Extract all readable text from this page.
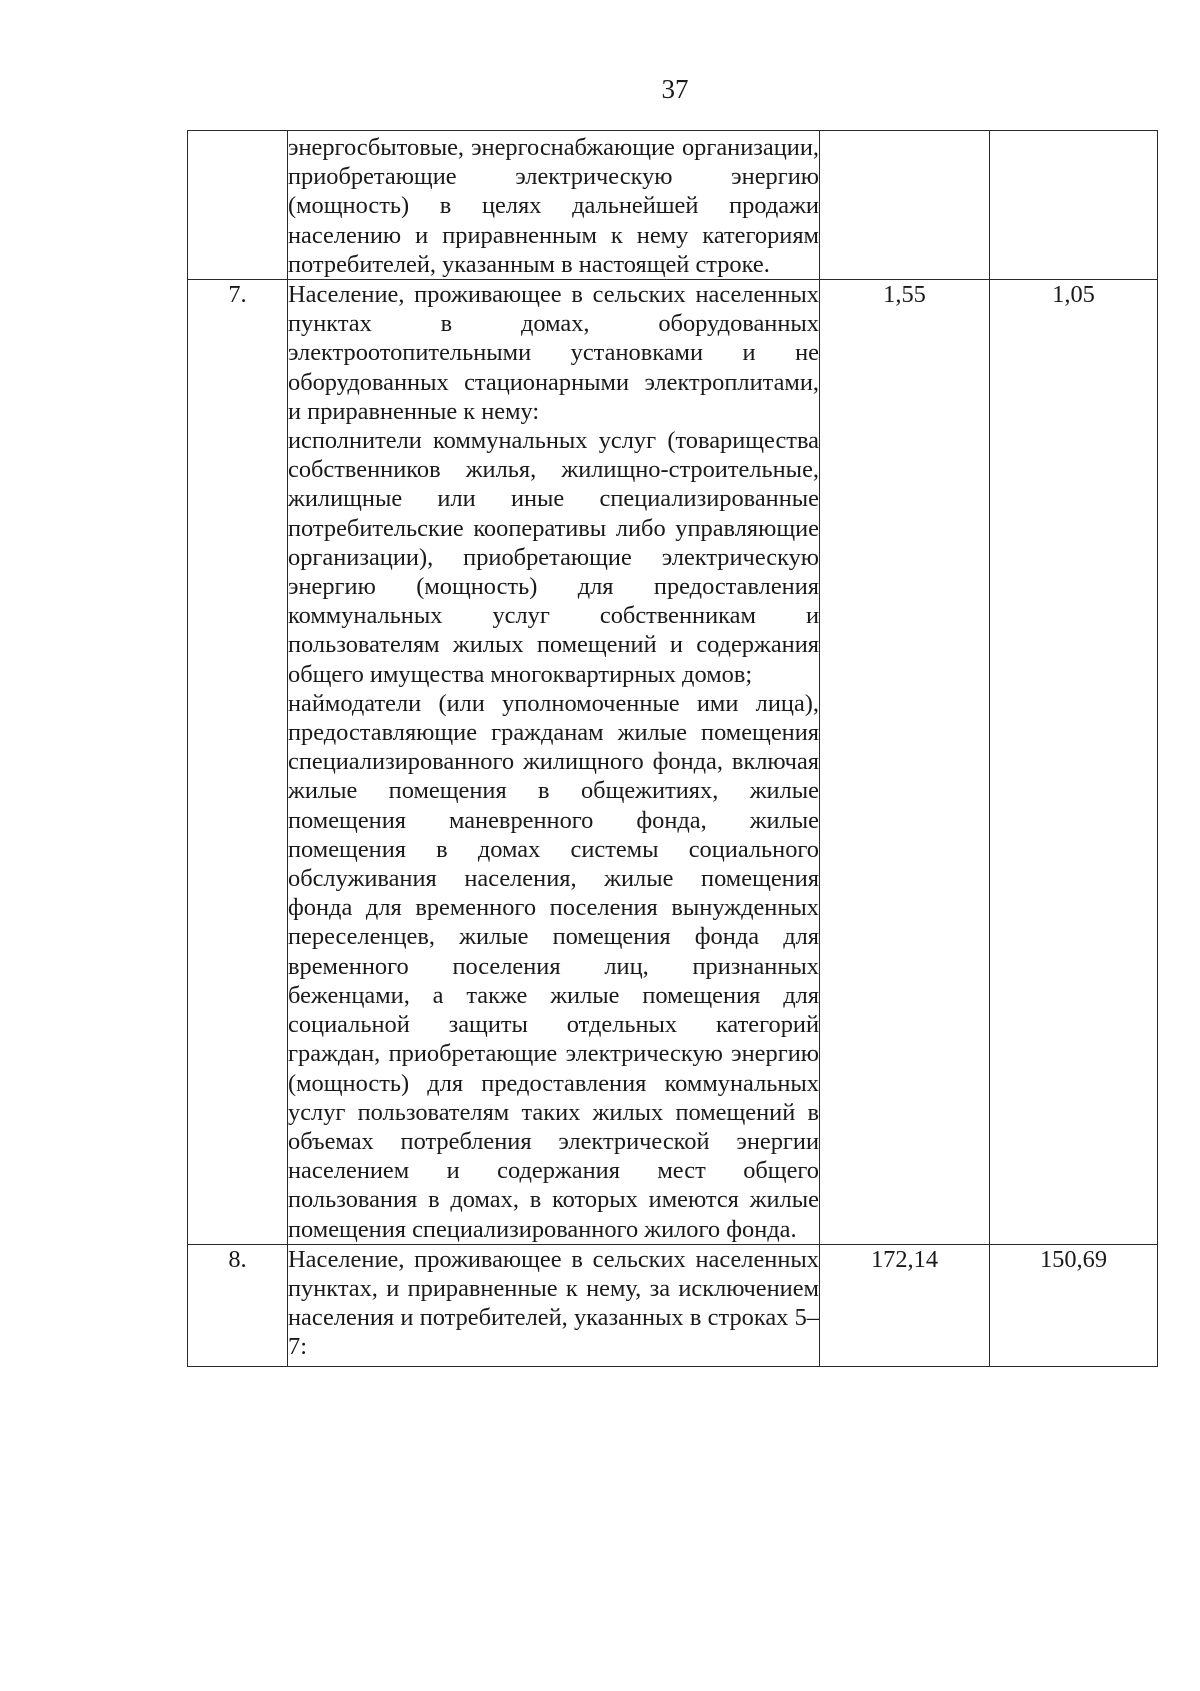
37

	энергосбытовые, энергоснабжающие организации, приобретающие электрическую энергию (мощность) в целях дальнейшей продажи населению и приравненным к нему категориям потребителей, указанным в настоящей строке.		

7.	Население, проживающее в сельских населенных пунктах в домах, оборудованных электроотопительными установками и не оборудованных стационарными электроплитами, и приравненные к нему:

исполнители коммунальных услуг (товарищества собственников жилья, жилищно-строительные, жилищные или иные специализированные потребительские кооперативы либо управляющие организации), приобретающие электрическую энергию (мощность) для предоставления коммунальных услуг собственникам и пользователям жилых помещений и содержания общего имущества многоквартирных домов;

наймодатели (или уполномоченные ими лица), предоставляющие гражданам жилые помещения специализированного жилищного фонда, включая жилые помещения в общежитиях, жилые помещения маневренного фонда, жилые помещения в домах системы социального обслуживания населения, жилые помещения фонда для временного поселения вынужденных переселенцев, жилые помещения фонда для временного поселения лиц, признанных беженцами, а также жилые помещения для социальной защиты отдельных категорий граждан, приобретающие электрическую энергию (мощность) для предоставления коммунальных услуг пользователям таких жилых помещений в объемах потребления электрической энергии населением и содержания мест общего пользования в домах, в которых имеются жилые помещения специализированного жилого фонда.	1,55	1,05
8.	Население, проживающее в сельских населенных пунктах, и приравненные к нему, за исключением населения и потребителей, указанных в строках 5–7:	172,14	150,69
